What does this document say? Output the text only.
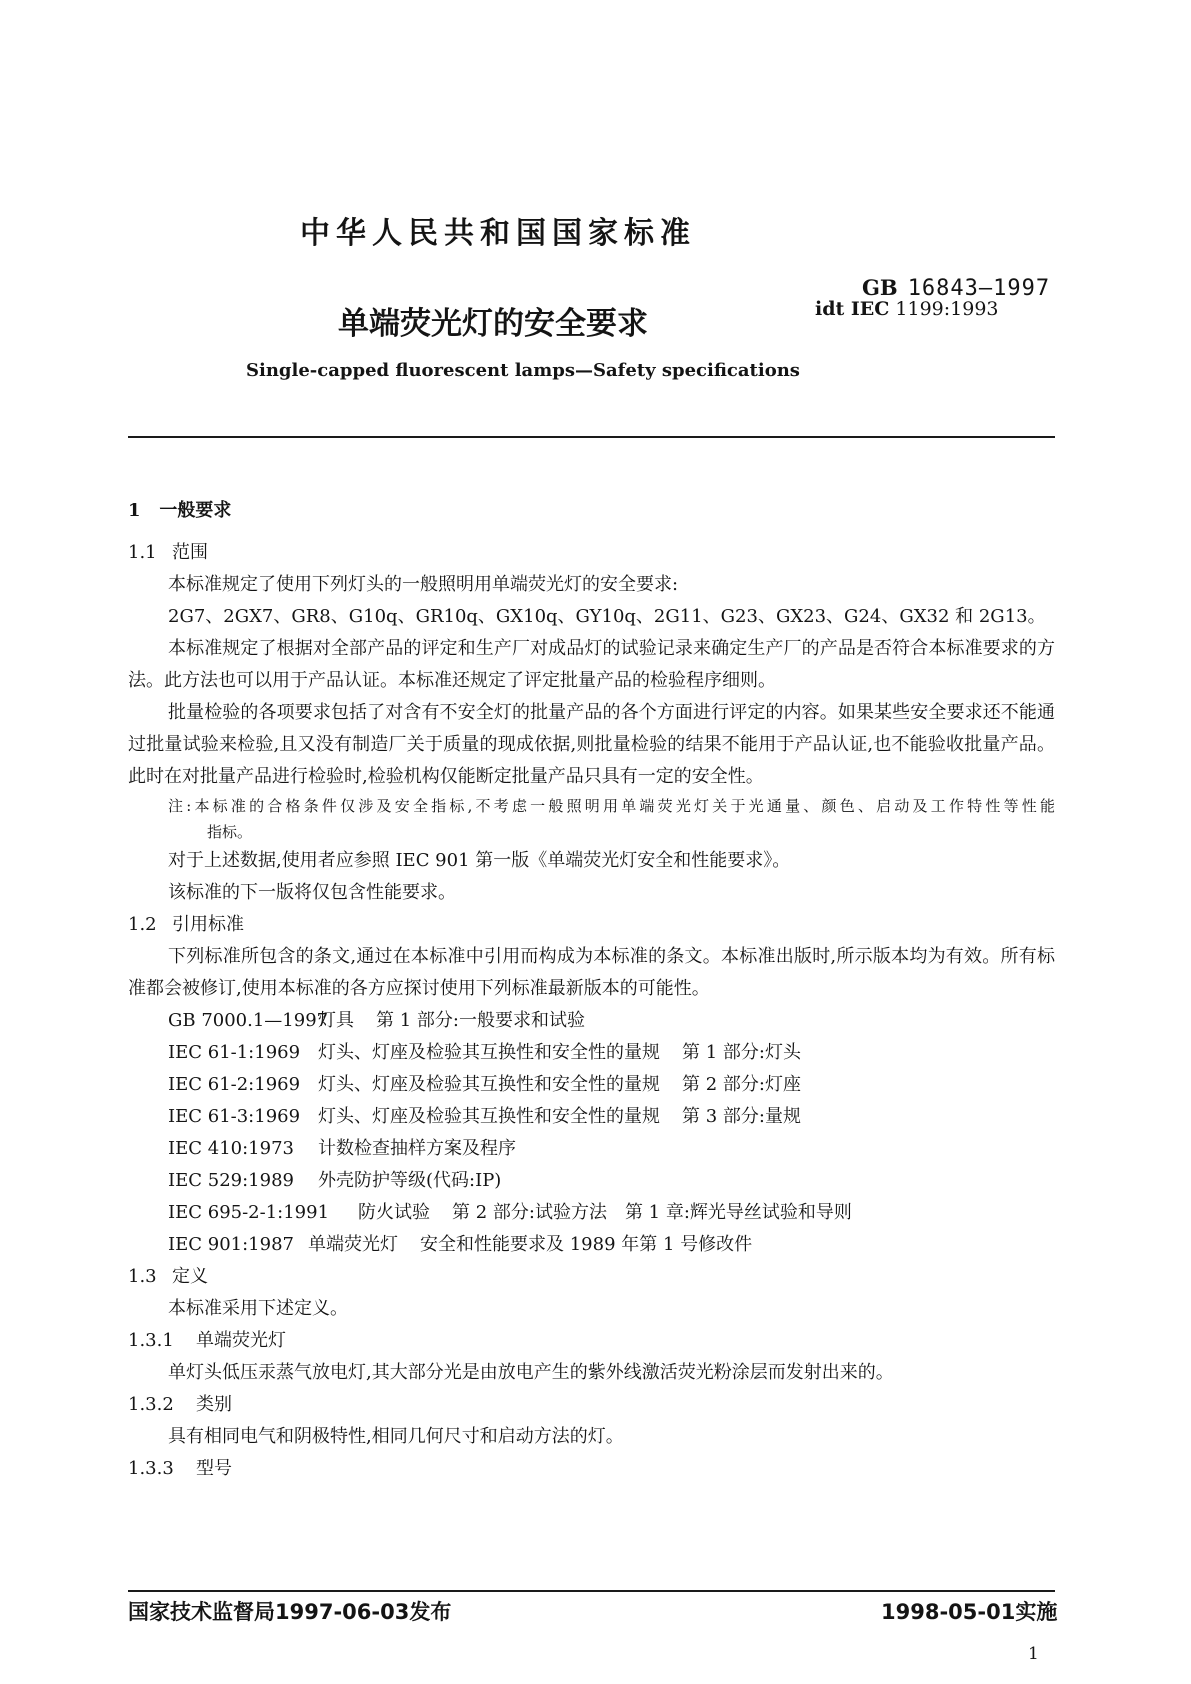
中华人民共和国国家标准
GB 16843—1997
idt IEC 1199:1993
单端荧光灯的安全要求
Single-capped fluorescent lamps—Safety specifications
1 一般要求
1.1 范围
本标准规定了使用下列灯头的一般照明用单端荧光灯的安全要求:
2G7、2GX7、GR8、G10q、GR10q、GX10q、GY10q、2G11、G23、GX23、G24、GX32 和 2G13。
本标准规定了根据对全部产品的评定和生产厂对成品灯的试验记录来确定生产厂的产品是否符合本标准要求的方法。此方法也可以用于产品认证。本标准还规定了评定批量产品的检验程序细则。
批量检验的各项要求包括了对含有不安全灯的批量产品的各个方面进行评定的内容。如果某些安全要求还不能通过批量试验来检验,且又没有制造厂关于质量的现成依据,则批量检验的结果不能用于产品认证,也不能验收批量产品。此时在对批量产品进行检验时,检验机构仅能断定批量产品只具有一定的安全性。
注:本标准的合格条件仅涉及安全指标,不考虑一般照明用单端荧光灯关于光通量、颜色、启动及工作特性等性能
指标。
对于上述数据,使用者应参照 IEC 901 第一版《单端荧光灯安全和性能要求》。
该标准的下一版将仅包含性能要求。
1.2 引用标准
下列标准所包含的条文,通过在本标准中引用而构成为本标准的条文。本标准出版时,所示版本均为有效。所有标准都会被修订,使用本标准的各方应探讨使用下列标准最新版本的可能性。
GB 7000.1—1997灯具 第 1 部分:一般要求和试验
IEC 61-1:1969 灯头、灯座及检验其互换性和安全性的量规 第 1 部分:灯头
IEC 61-2:1969 灯头、灯座及检验其互换性和安全性的量规 第 2 部分:灯座
IEC 61-3:1969 灯头、灯座及检验其互换性和安全性的量规 第 3 部分:量规
IEC 410:1973 计数检查抽样方案及程序
IEC 529:1989 外壳防护等级(代码:IP)
IEC 695-2-1:1991 防火试验 第 2 部分:试验方法　第 1 章:辉光导丝试验和导则
IEC 901:1987 单端荧光灯 安全和性能要求及 1989 年第 1 号修改件
1.3 定义
本标准采用下述定义。
1.3.1 单端荧光灯
单灯头低压汞蒸气放电灯,其大部分光是由放电产生的紫外线激活荧光粉涂层而发射出来的。
1.3.2 类别
具有相同电气和阴极特性,相同几何尺寸和启动方法的灯。
1.3.3 型号
国家技术监督局1997-06-03发布	1998-05-01实施
1
